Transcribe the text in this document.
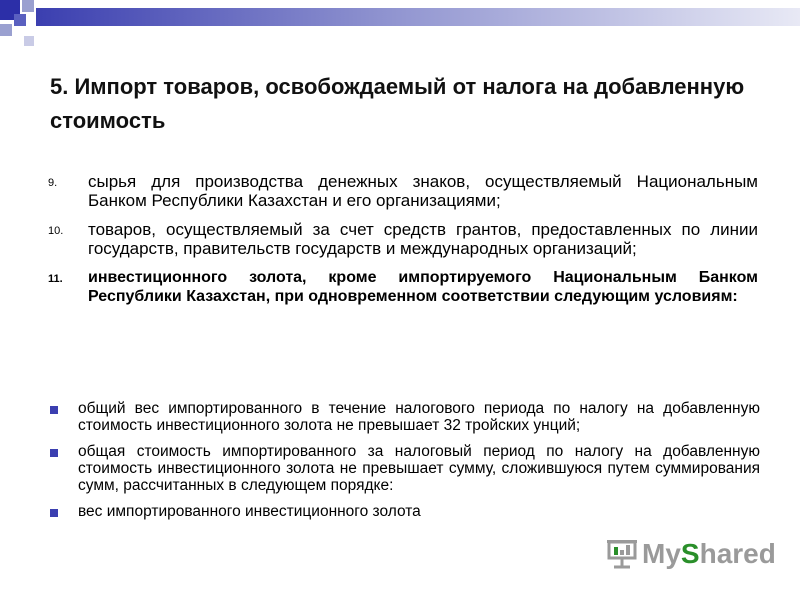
5. Импорт товаров, освобождаемый от налога на добавленную стоимость
9.	сырья для производства денежных знаков, осуществляемый Национальным Банком Республики Казахстан и его организациями;
10.	товаров, осуществляемый за счет средств грантов, предоставленных по линии государств, правительств государств и международных организаций;
11.	инвестиционного золота, кроме импортируемого Национальным Банком Республики Казахстан, при одновременном соответствии следующим условиям:
общий вес импортированного в течение налогового периода по налогу на добавленную стоимость инвестиционного золота не превышает 32 тройских унций;
общая стоимость импортированного за налоговый период по налогу на добавленную стоимость инвестиционного золота не превышает сумму, сложившуюся путем суммирования сумм, рассчитанных в следующем порядке:
вес импортированного инвестиционного золота
MyShared
